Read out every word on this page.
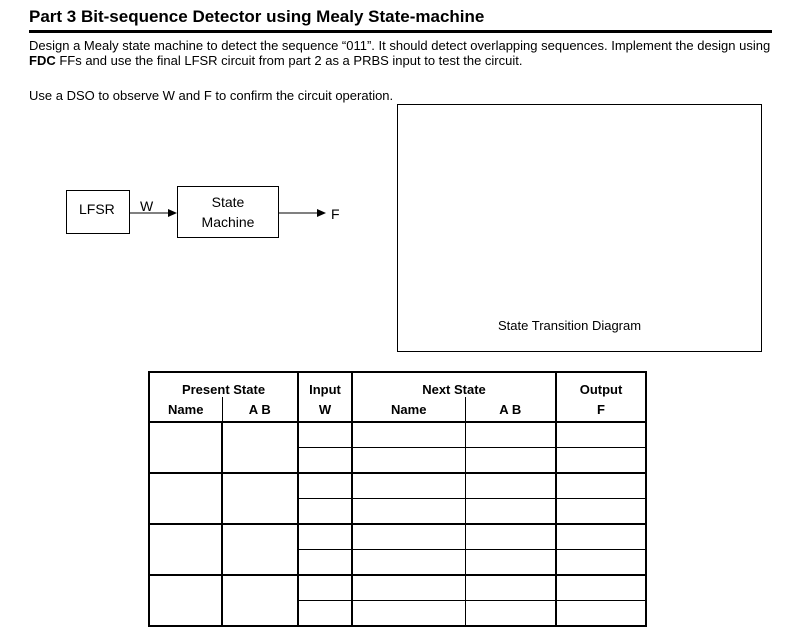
Part 3 Bit-sequence Detector using Mealy State-machine
Design a Mealy state machine to detect the sequence “011”. It should detect overlapping sequences. Implement the design using FDC FFs and use the final LFSR circuit from part 2 as a PRBS input to test the circuit.
Use a DSO to observe W and F to confirm the circuit operation.
State Transition Diagram
LFSR	W	State
Machine	F
Present State		Input	Next State		Output
Name	A B	W	Name	A B	F
